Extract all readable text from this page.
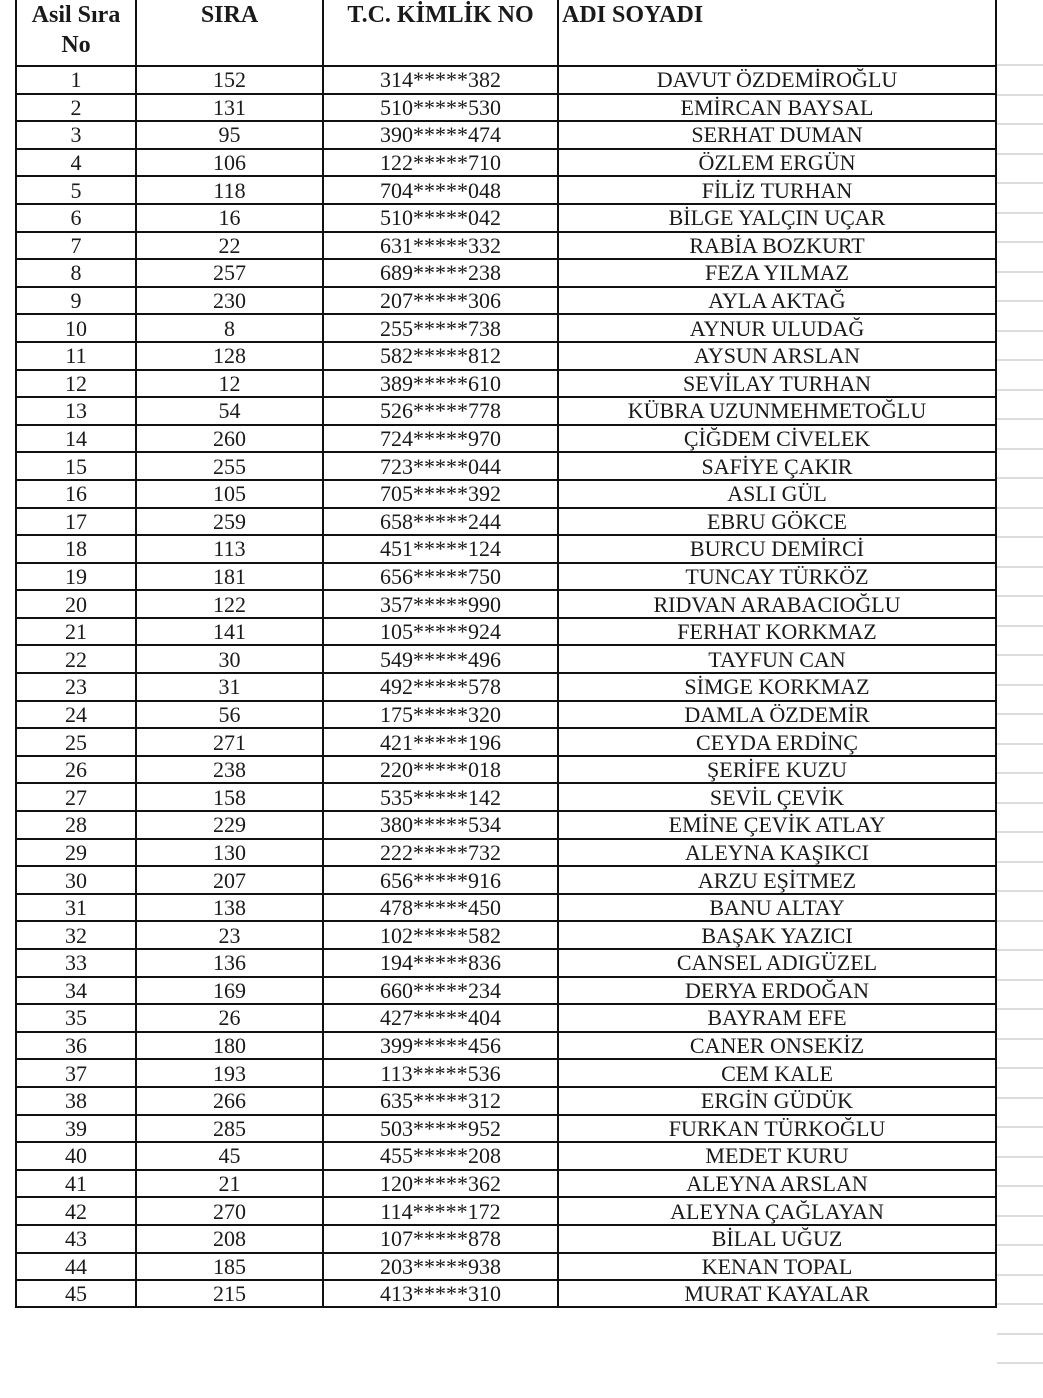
Asil Sıra No	SIRA	T.C. KİMLİK NO	ADI SOYADI
1	152	314*****382	DAVUT ÖZDEMİROĞLU
2	131	510*****530	EMİRCAN BAYSAL
3	95	390*****474	SERHAT DUMAN
4	106	122*****710	ÖZLEM ERGÜN
5	118	704*****048	FİLİZ TURHAN
6	16	510*****042	BİLGE YALÇIN UÇAR
7	22	631*****332	RABİA BOZKURT
8	257	689*****238	FEZA YILMAZ
9	230	207*****306	AYLA AKTAĞ
10	8	255*****738	AYNUR ULUDAĞ
11	128	582*****812	AYSUN ARSLAN
12	12	389*****610	SEVİLAY TURHAN
13	54	526*****778	KÜBRA UZUNMEHMETOĞLU
14	260	724*****970	ÇİĞDEM CİVELEK
15	255	723*****044	SAFİYE ÇAKIR
16	105	705*****392	ASLI GÜL
17	259	658*****244	EBRU GÖKCE
18	113	451*****124	BURCU DEMİRCİ
19	181	656*****750	TUNCAY TÜRKÖZ
20	122	357*****990	RIDVAN ARABACIOĞLU
21	141	105*****924	FERHAT KORKMAZ
22	30	549*****496	TAYFUN CAN
23	31	492*****578	SİMGE KORKMAZ
24	56	175*****320	DAMLA ÖZDEMİR
25	271	421*****196	CEYDA ERDİNÇ
26	238	220*****018	ŞERİFE KUZU
27	158	535*****142	SEVİL ÇEVİK
28	229	380*****534	EMİNE ÇEVİK ATLAY
29	130	222*****732	ALEYNA KAŞIKCI
30	207	656*****916	ARZU EŞİTMEZ
31	138	478*****450	BANU ALTAY
32	23	102*****582	BAŞAK YAZICI
33	136	194*****836	CANSEL ADIGÜZEL
34	169	660*****234	DERYA ERDOĞAN
35	26	427*****404	BAYRAM EFE
36	180	399*****456	CANER ONSEKİZ
37	193	113*****536	CEM KALE
38	266	635*****312	ERGİN GÜDÜK
39	285	503*****952	FURKAN TÜRKOĞLU
40	45	455*****208	MEDET KURU
41	21	120*****362	ALEYNA ARSLAN
42	270	114*****172	ALEYNA ÇAĞLAYAN
43	208	107*****878	BİLAL UĞUZ
44	185	203*****938	KENAN TOPAL
45	215	413*****310	MURAT KAYALAR
